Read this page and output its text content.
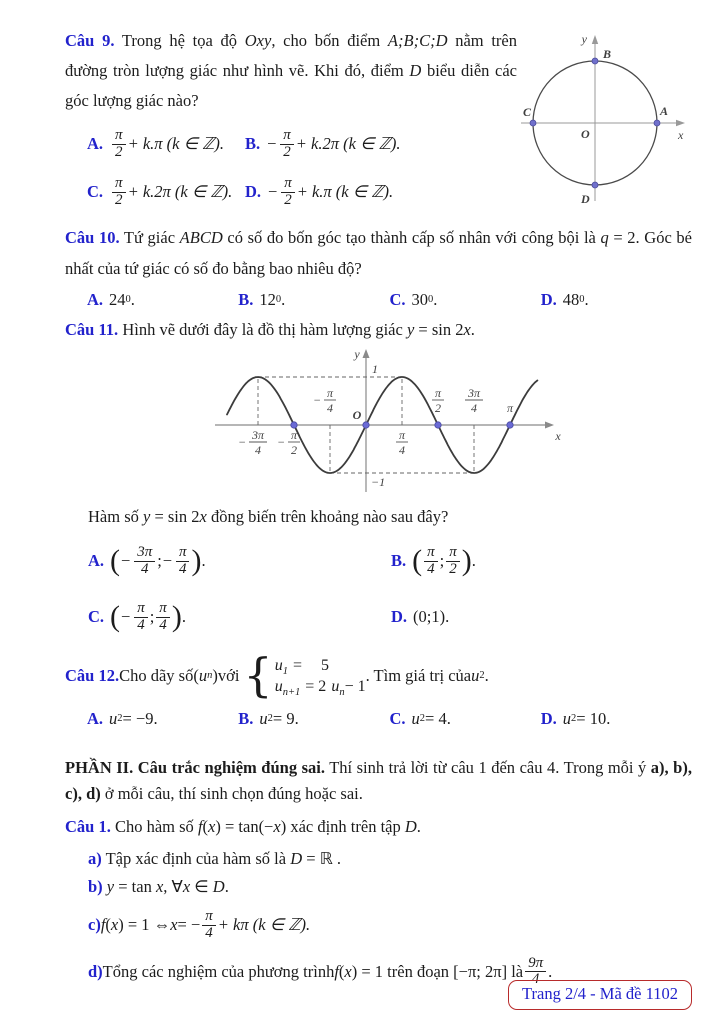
Câu 9. Trong hệ tọa độ Oxy, cho bốn điểm A;B;C;D nằm trên đường tròn lượng giác như hình vẽ. Khi đó, điểm D biểu diễn các góc lượng giác nào?

A. $\frac{\pi}{2} + k.\pi$ (k ∈ ℤ). B. − $\frac{\pi}{2} + k.2\pi$ (k ∈ ℤ).
C. $\frac{\pi}{2} + k.2\pi$ (k ∈ ℤ). D. − $\frac{\pi}{2} + k.\pi$ (k ∈ ℤ).
y
B
C	A
O	x
D

Câu 10. Tứ giác ABCD có số đo bốn góc tạo thành cấp số nhân với công bội là q = 2. Góc bé nhất của tứ giác có số đo bằng bao nhiêu độ?

A. 24 0 .	B. 12 0 .	C. 30 0 .	D. 48 0 .

Câu 11. Hình vẽ dưới đây là đồ thị hàm lượng giác y = sin 2x.

3π
4
−	π
2
−
π
4
−
π
4
π
2
3π
4 π
1
−1
O
x
y

Hàm số y = sin 2x đồng biến trên khoảng nào sau đây?

A. ( − $\frac{3\pi}{4}$ ; − $\frac{\pi}{4}$ ) .	B. ( $\frac{\pi}{4}$ ; $\frac{\pi}{2}$ ) .
C. ( − $\frac{\pi}{4}$ ; $\frac{\pi}{4}$ ) .	D. (0;1).
Câu 12. Cho dãy số ( u n ) với { $u_1 = 5$
$u_{n+1} = 2$ $u_n- 1$
. Tìm giá trị của u 2 .
A. u 2 = −9.	B. u 2 = 9.	C. u 2 = 4.	D. u 2 = 10.

PHẦN II. Câu trắc nghiệm đúng sai. Thí sinh trả lời từ câu 1 đến câu 4. Trong mỗi ý a), b), c), d) ở mỗi câu, thí sinh chọn đúng hoặc sai.

Câu 1. Cho hàm số f(x) = tan(−x) xác định trên tập D.

a) Tập xác định của hàm số là D = ℝ .

b) y = tan x, ∀x ∈ D.

c) f ( x ) = 1 ⇔ x = − $\frac{\pi}{4} + k\pi$ (k ∈ ℤ).
d) Tổng các nghiệm của phương trình f ( x ) = 1 trên đoạn [−π; 2π] là $\frac{9\pi}{4}$ .
Trang 2/4 - Mã đề 1102
